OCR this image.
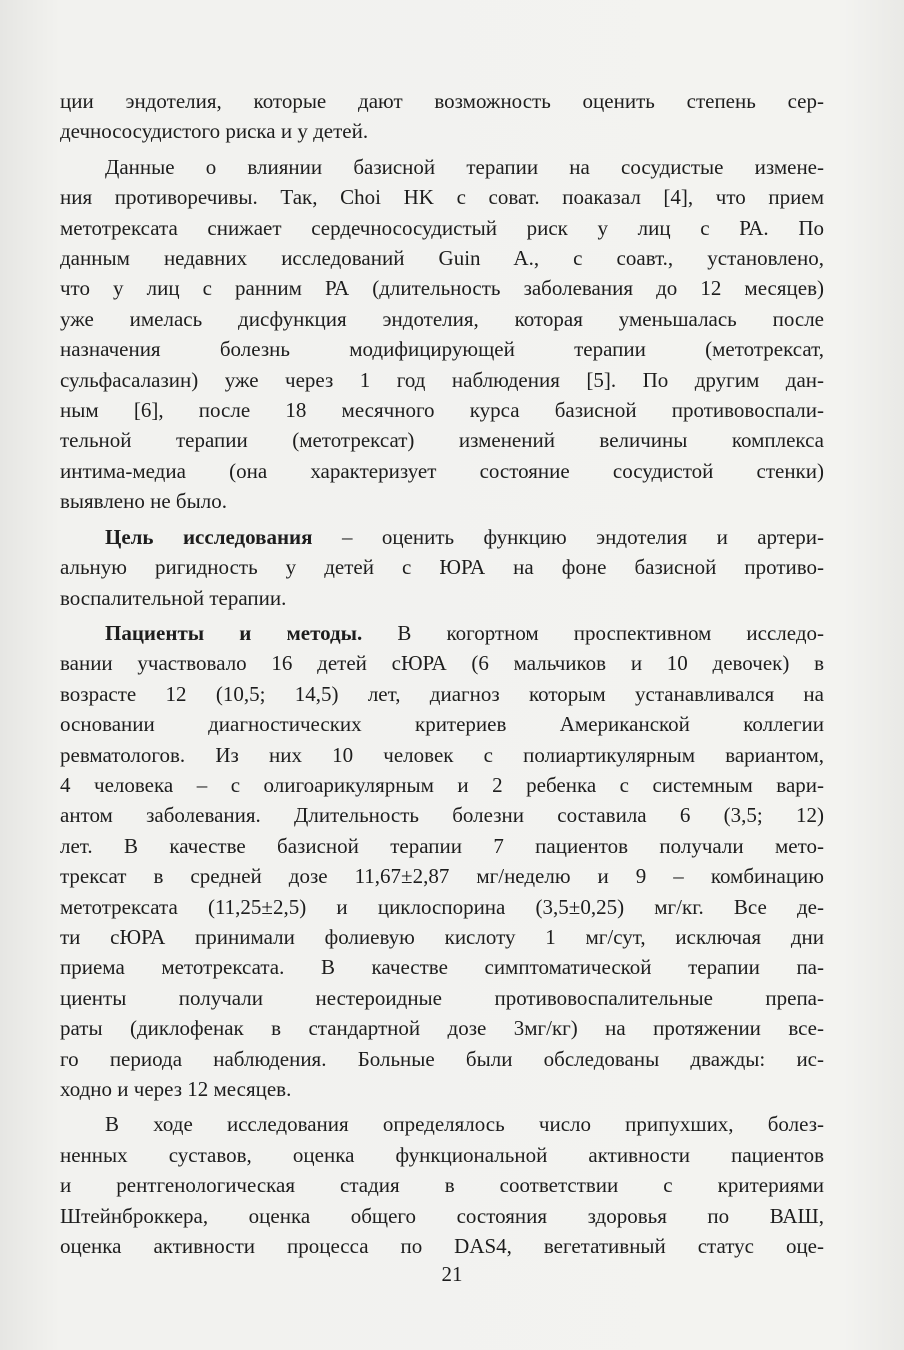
ции эндотелия, которые дают возможность оценить степень сер-
дечнососудистого риска и у детей.

Данные о влиянии базисной терапии на сосудистые измене-
ния противоречивы. Так, Choi HK с соват. поаказал [4], что прием
метотрексата снижает сердечнососудистый риск у лиц с РА. По
данным недавних исследований Guin A., с соавт., установлено,
что у лиц с ранним РА (длительность заболевания до 12 месяцев)
уже имелась дисфункция эндотелия, которая уменьшалась после
назначения болезнь модифицирующей терапии (метотрексат,
сульфасалазин) уже через 1 год наблюдения [5]. По другим дан-
ным [6], после 18 месячного курса базисной противовоспали-
тельной терапии (метотрексат) изменений величины комплекса
интима-медиа (она характеризует состояние сосудистой стенки)
выявлено не было.

Цель исследования – оценить функцию эндотелия и артери-
альную ригидность у детей с ЮРА на фоне базисной противо-
воспалительной терапии.

Пациенты и методы. В когортном проспективном исследо-
вании участвовало 16 детей сЮРА (6 мальчиков и 10 девочек) в
возрасте 12 (10,5; 14,5) лет, диагноз которым устанавливался на
основании диагностических критериев Американской коллегии
ревматологов. Из них 10 человек с полиартикулярным вариантом,
4 человека – с олигоарикулярным и 2 ребенка с системным вари-
антом заболевания. Длительность болезни составила 6 (3,5; 12)
лет. В качестве базисной терапии 7 пациентов получали мето-
трексат в средней дозе 11,67±2,87 мг/неделю и 9 – комбинацию
метотрексата (11,25±2,5) и циклоспорина (3,5±0,25) мг/кг. Все де-
ти сЮРА принимали фолиевую кислоту 1 мг/сут, исключая дни
приема метотрексата. В качестве симптоматической терапии па-
циенты получали нестероидные противовоспалительные препа-
раты (диклофенак в стандартной дозе 3мг/кг) на протяжении все-
го периода наблюдения. Больные были обследованы дважды: ис-
ходно и через 12 месяцев.

В ходе исследования определялось число припухших, болез-
ненных суставов, оценка функциональной активности пациентов
и рентгенологическая стадия в соответствии с критериями
Штейнброккера, оценка общего состояния здоровья по ВАШ,
оценка активности процесса по DAS4, вегетативный статус оце-

21
